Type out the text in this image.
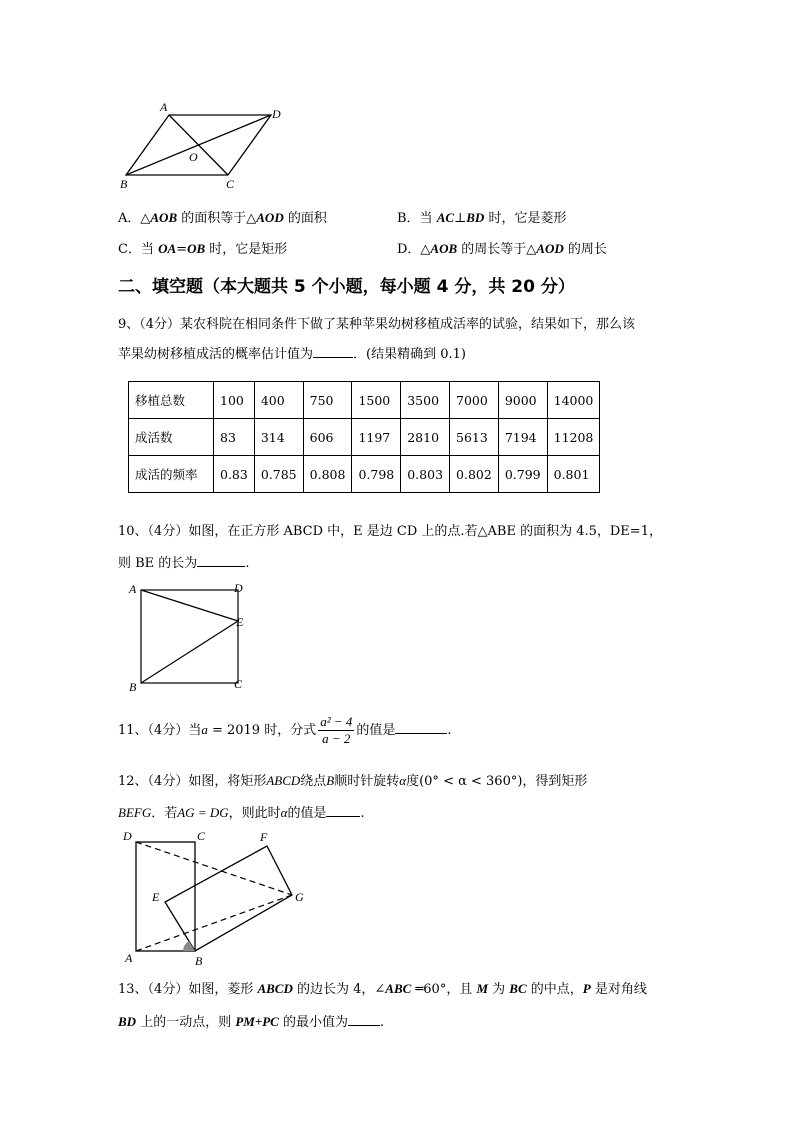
A	D
O
B	C
A．△AOB 的面积等于△AOD 的面积	B．当 AC⊥BD 时，它是菱形
C．当 OA=OB 时，它是矩形	D．△AOB 的周长等于△AOD 的周长
二、填空题（本大题共 5 个小题，每小题 4 分，共 20 分）
9、（4分）某农科院在相同条件下做了某种苹果幼树移植成活率的试验，结果如下，那么该
苹果幼树移植成活的概率估计值为	．(结果精确到 0.1)
移植总数	100	400	750	1500	3500	7000	9000	14000
成活数	83	314	606	1197	2810	5613	7194	11208
成活的频率	0.83	0.785	0.808	0.798	0.803	0.802	0.799	0.801
10、（4分）如图，在正方形 ABCD 中，E 是边 CD 上的点.若△ABE 的面积为 4.5，DE=1，
则 BE 的长为	.
A	D
E
B	C
11、（4分）当a = 2019 时，分式 $\frac{\text{a² − 4}}{a - 2}$ 的值是	.
12、（4分）如图，将矩形ABCD绕点B顺时针旋转α度(0° < α < 360°)，得到矩形
BEFG．若AG = DG，则此时α的值是	.
D	C	F
E	G
A	B
13、（4分）如图，菱形 ABCD 的边长为 4，∠ABC ═60°，且 M 为 BC 的中点，P 是对角线
BD 上的一动点，则 PM+PC 的最小值为 .
